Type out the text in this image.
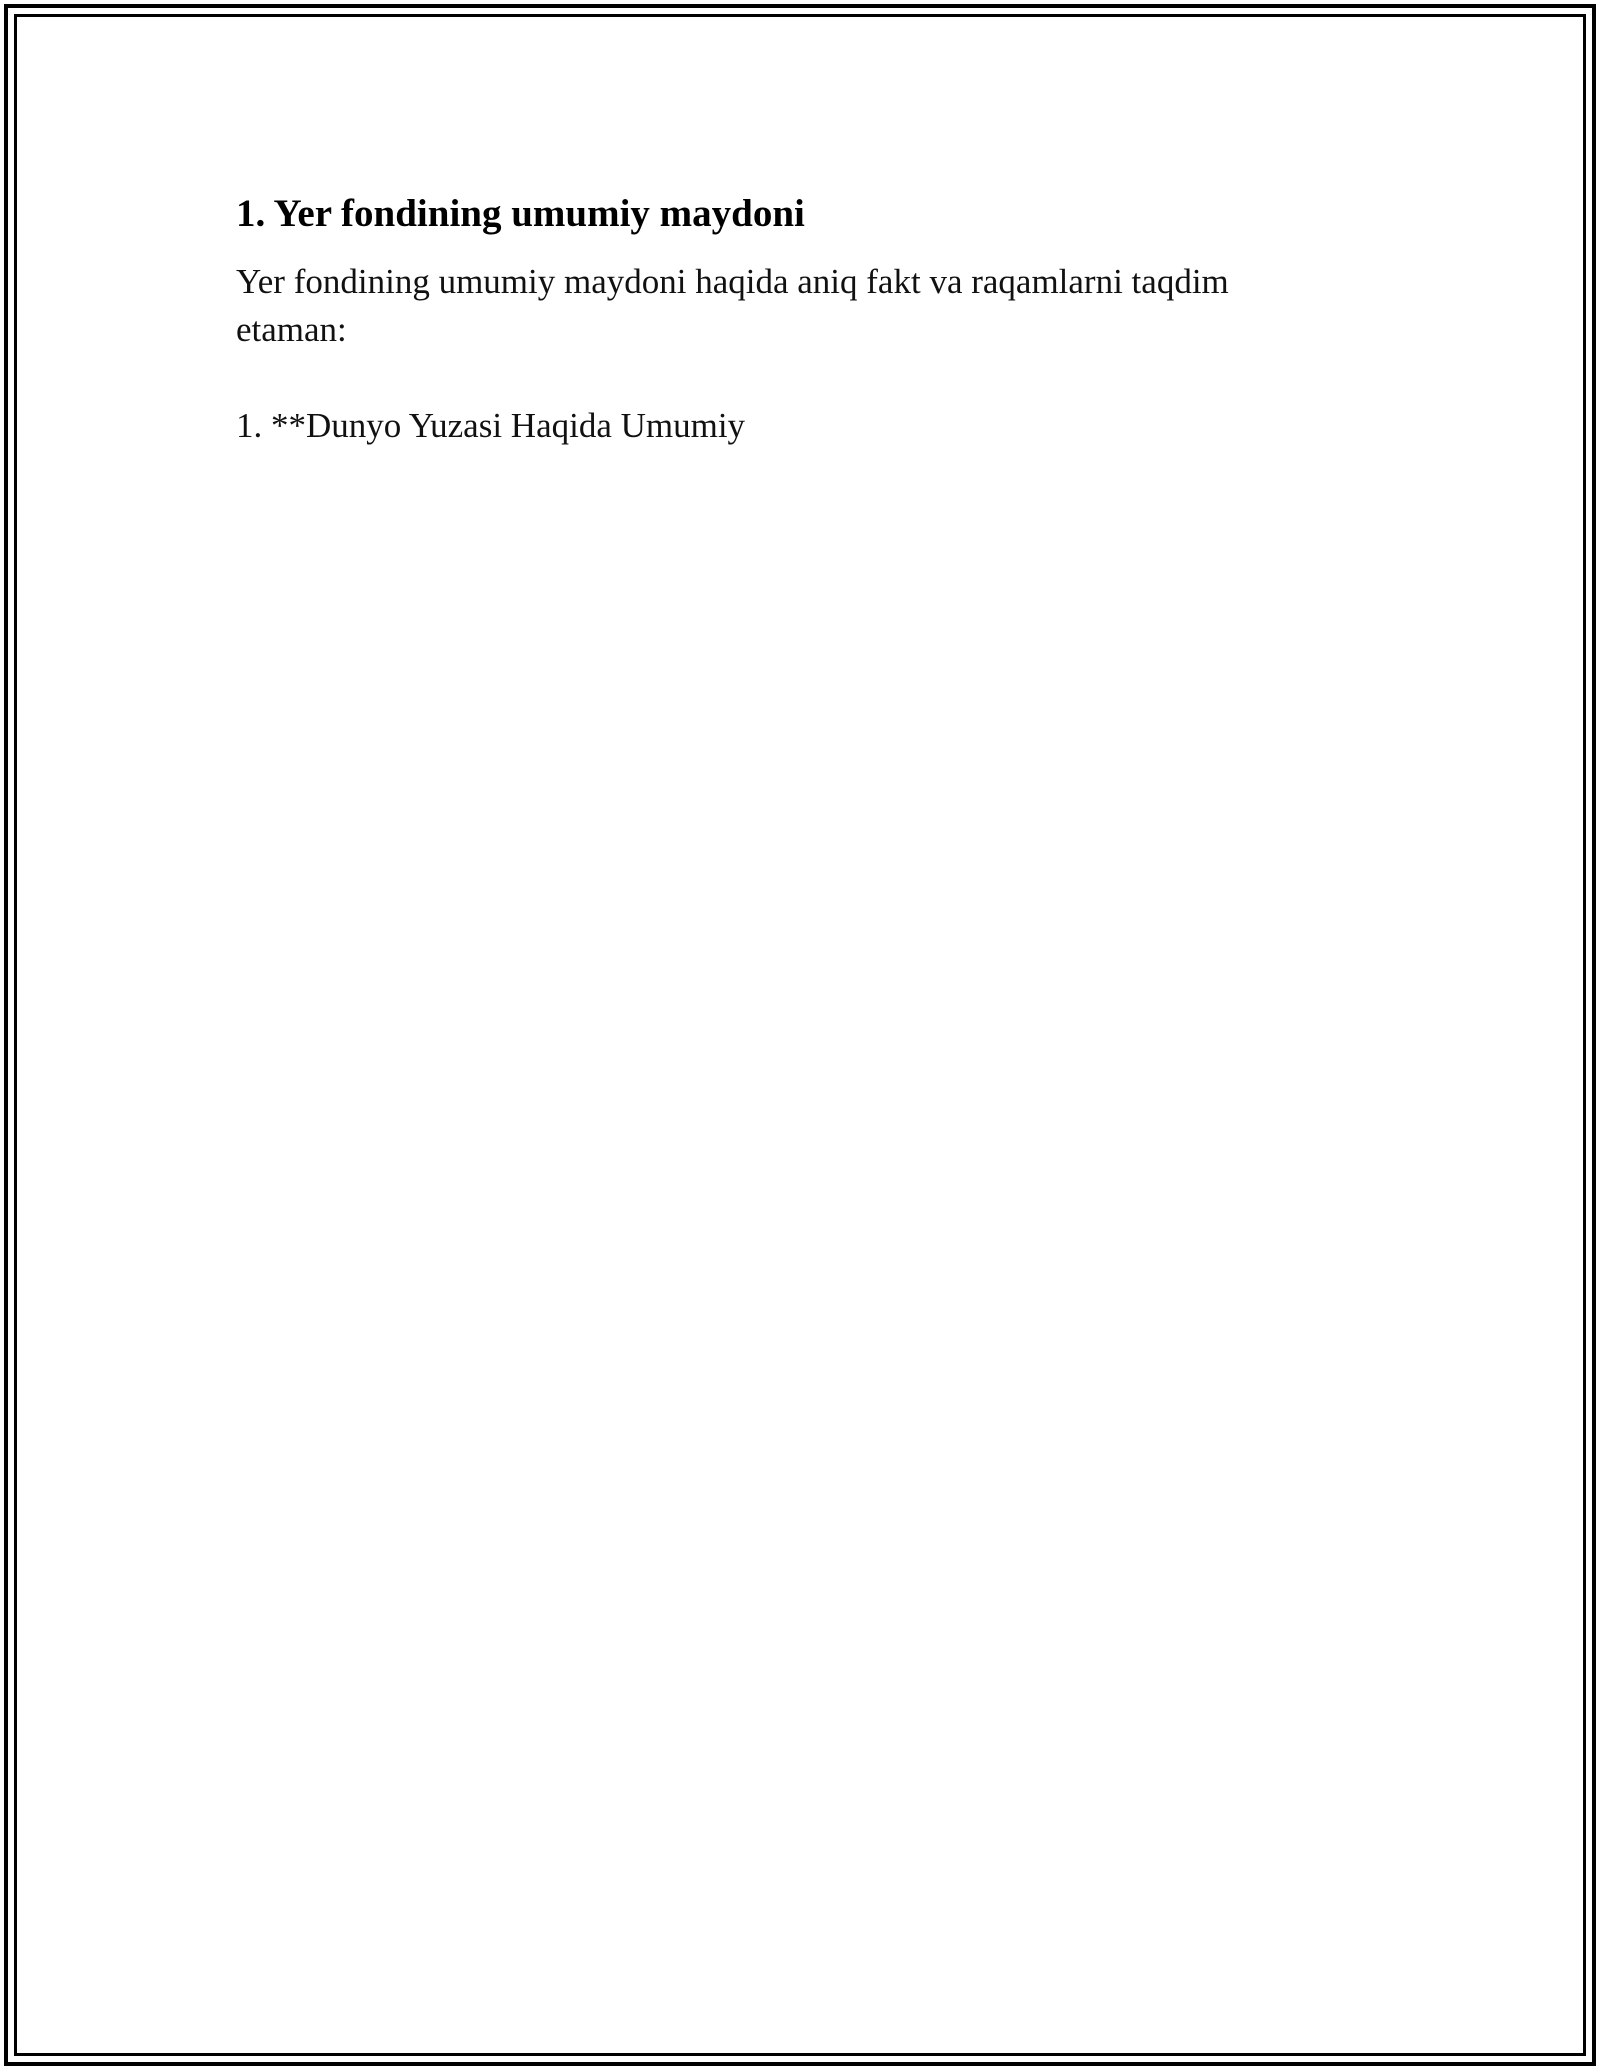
1. Yer fondining umumiy maydoni

Yer fondining umumiy maydoni haqida aniq fakt va raqamlarni taqdim etaman:

1. **Dunyo Yuzasi Haqida Umumiy
